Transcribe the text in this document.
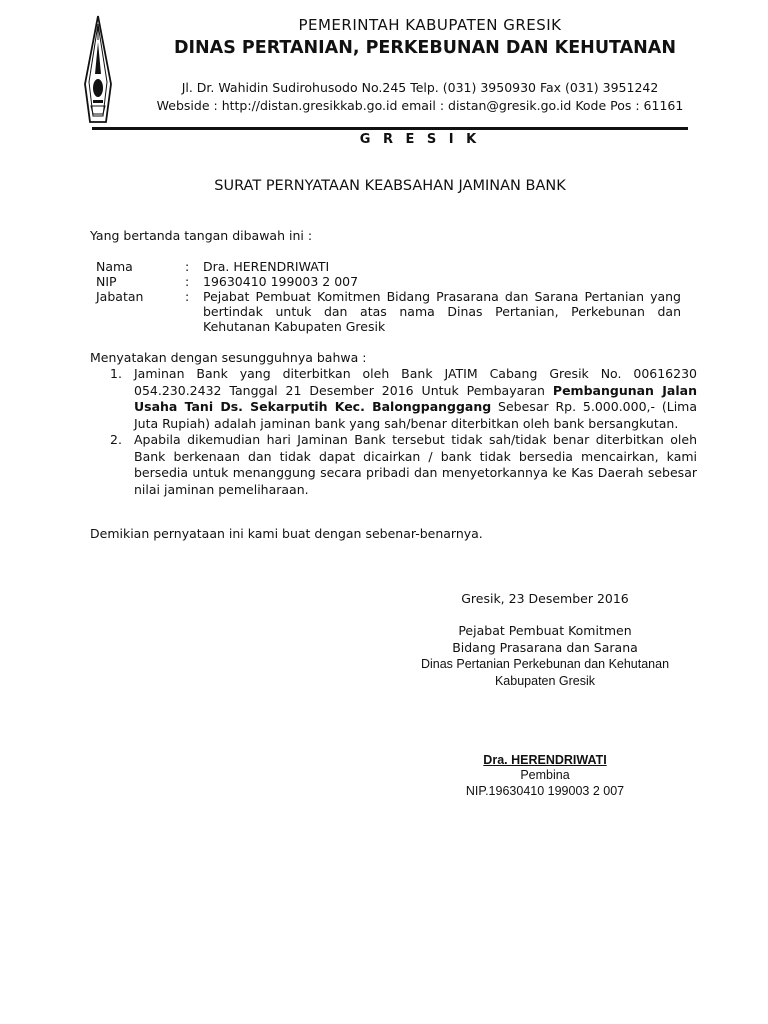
PEMERINTAH KABUPATEN GRESIK
DINAS PERTANIAN, PERKEBUNAN DAN KEHUTANAN
Jl. Dr. Wahidin Sudirohusodo No.245 Telp. (031) 3950930 Fax (031) 3951242
Webside : http://distan.gresikkab.go.id email : distan@gresik.go.id Kode Pos : 61161
G R E S I K
SURAT PERNYATAAN KEABSAHAN JAMINAN BANK
Yang bertanda tangan dibawah ini :
Nama	:	Dra. HERENDRIWATI
NIP	:	19630410 199003 2 007
Jabatan	:	Pejabat Pembuat Komitmen Bidang Prasarana dan Sarana Pertanian yang bertindak untuk dan atas nama Dinas Pertanian, Perkebunan dan Kehutanan Kabupaten Gresik
Menyatakan dengan sesungguhnya bahwa :
1. Jaminan Bank yang diterbitkan oleh Bank JATIM Cabang Gresik No. 00616230 054.230.2432 Tanggal 21 Desember 2016 Untuk Pembayaran Pembangunan Jalan Usaha Tani Ds. Sekarputih Kec. Balongpanggang Sebesar Rp. 5.000.000,- (Lima Juta Rupiah) adalah jaminan bank yang sah/benar diterbitkan oleh bank bersangkutan.
2. Apabila dikemudian hari Jaminan Bank tersebut tidak sah/tidak benar diterbitkan oleh Bank berkenaan dan tidak dapat dicairkan / bank tidak bersedia mencairkan, kami bersedia untuk menanggung secara pribadi dan menyetorkannya ke Kas Daerah sebesar nilai jaminan pemeliharaan.
Demikian pernyataan ini kami buat dengan sebenar-benarnya.
Gresik, 23 Desember 2016
Pejabat Pembuat Komitmen
Bidang Prasarana dan Sarana
Dinas Pertanian Perkebunan dan Kehutanan
Kabupaten Gresik
Dra. HERENDRIWATI
Pembina
NIP.19630410 199003 2 007
